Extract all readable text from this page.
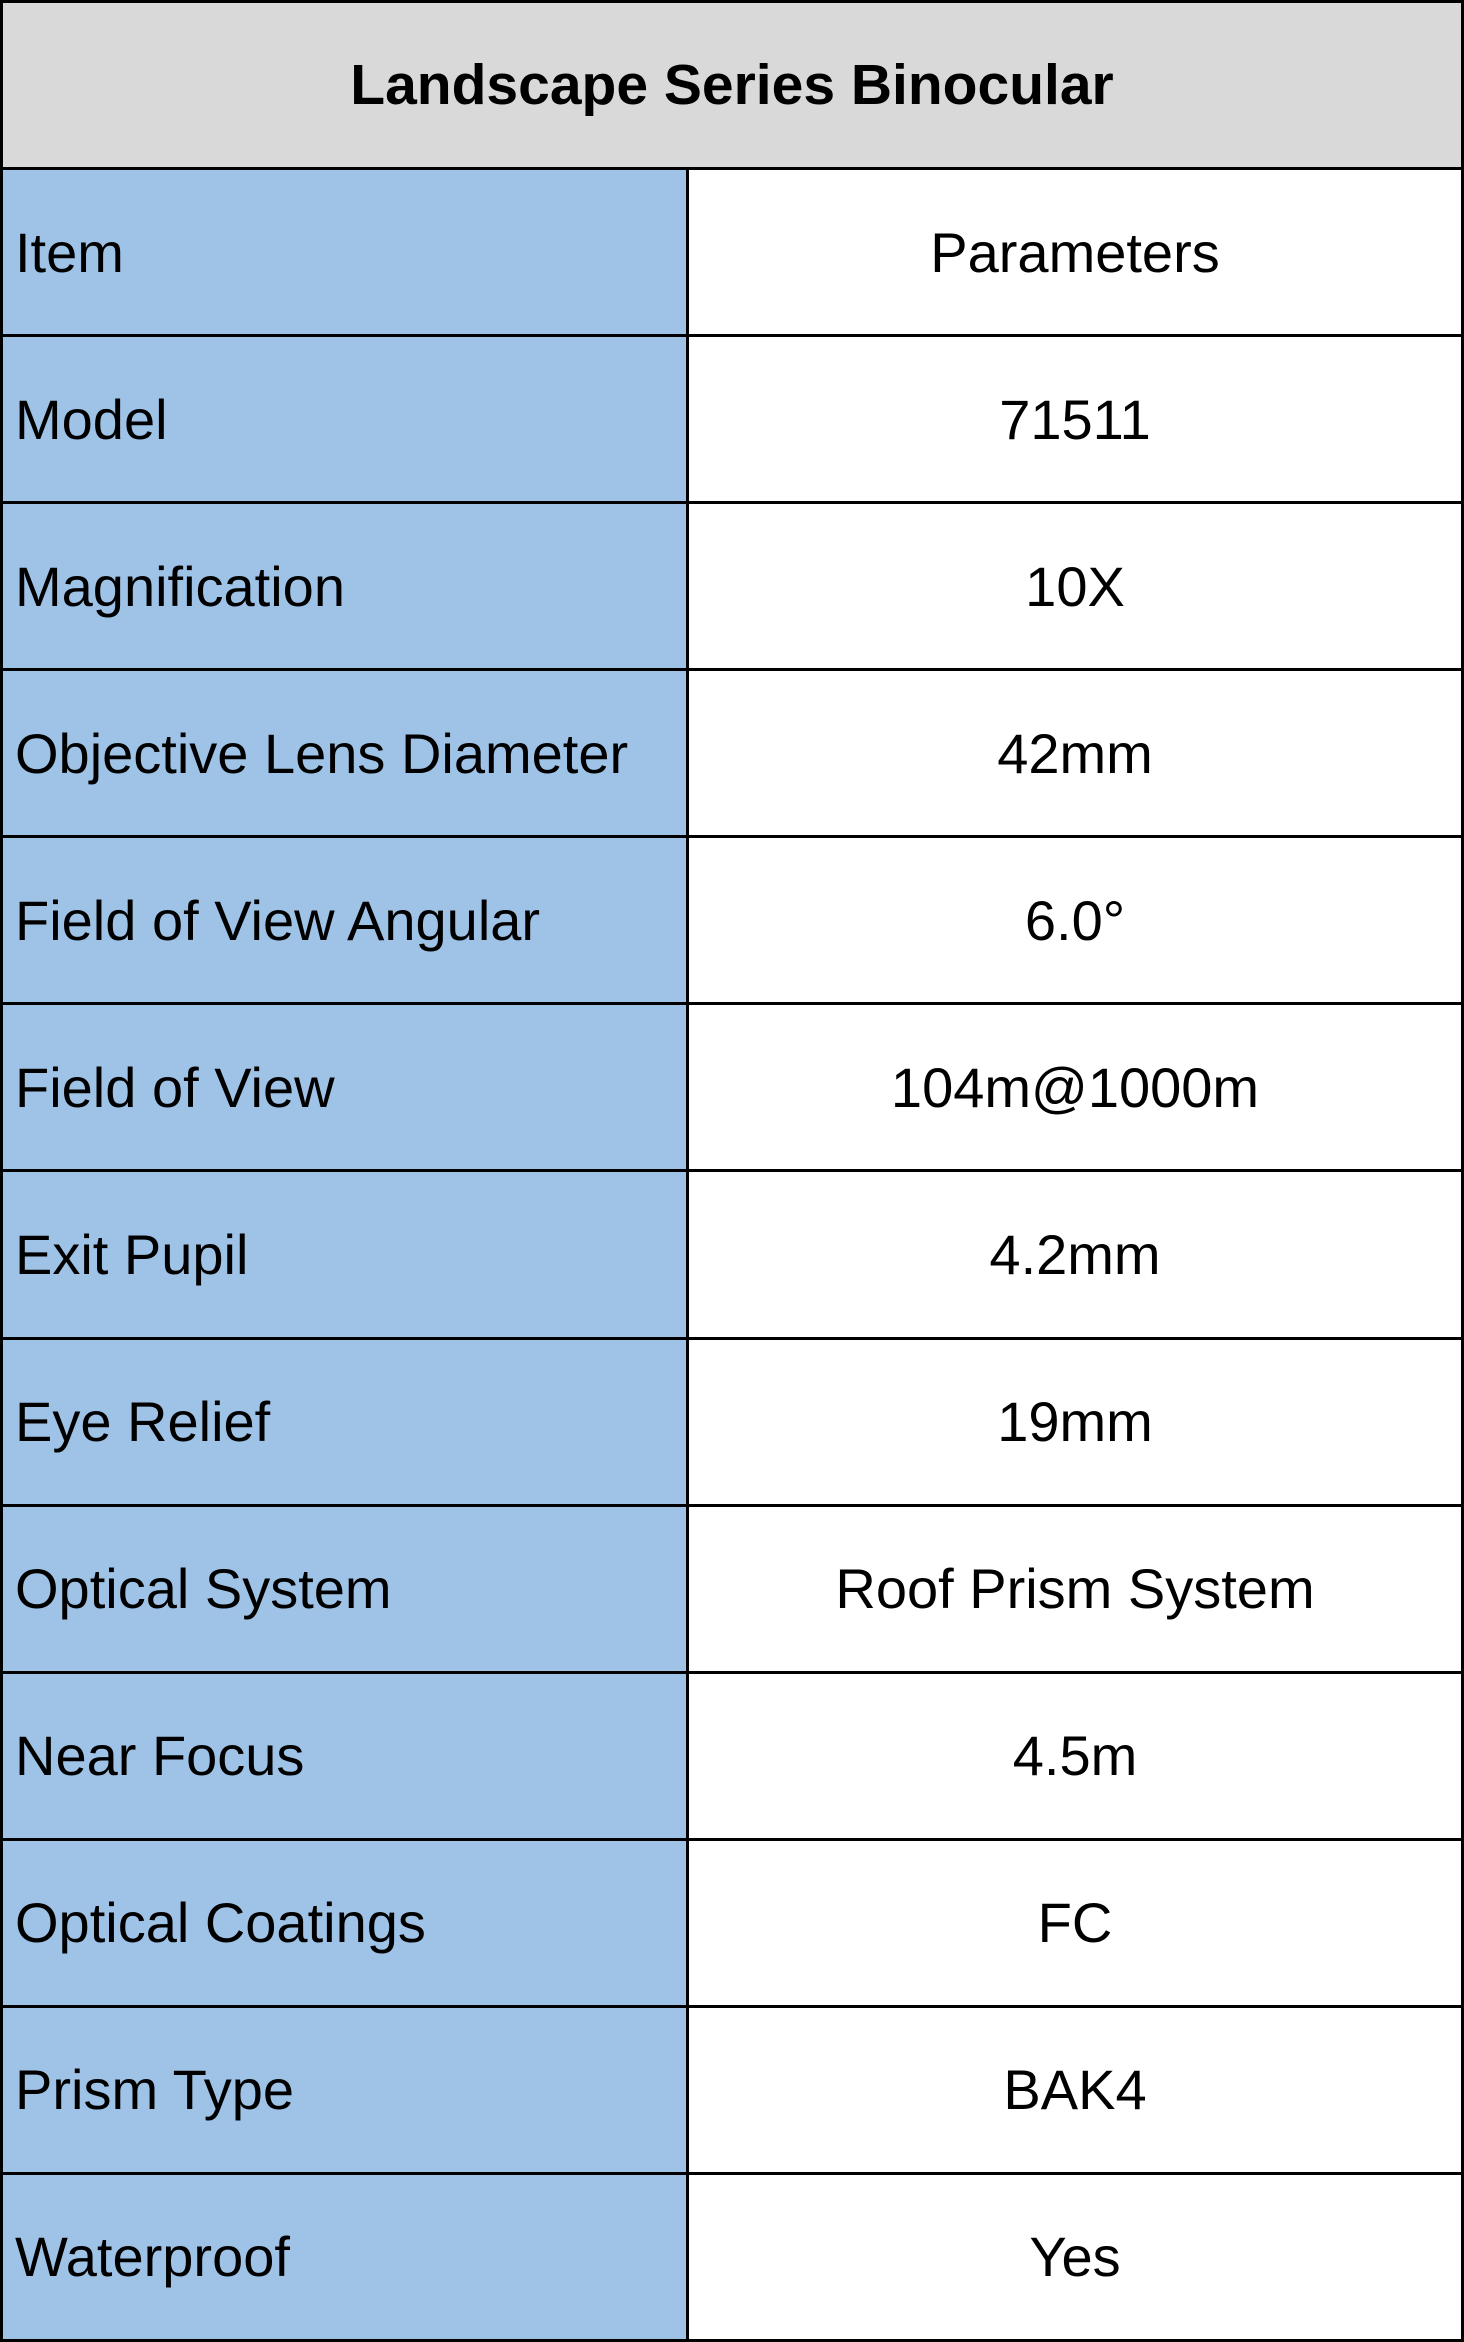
Landscape Series Binocular
Item	Parameters
Model	71511
Magnification	10X
Objective Lens Diameter	42mm
Field of View Angular	6.0°
Field of View	104m@1000m
Exit Pupil	4.2mm
Eye Relief	19mm
Optical System	Roof Prism System
Near Focus	4.5m
Optical Coatings	FC
Prism Type	BAK4
Waterproof	Yes
